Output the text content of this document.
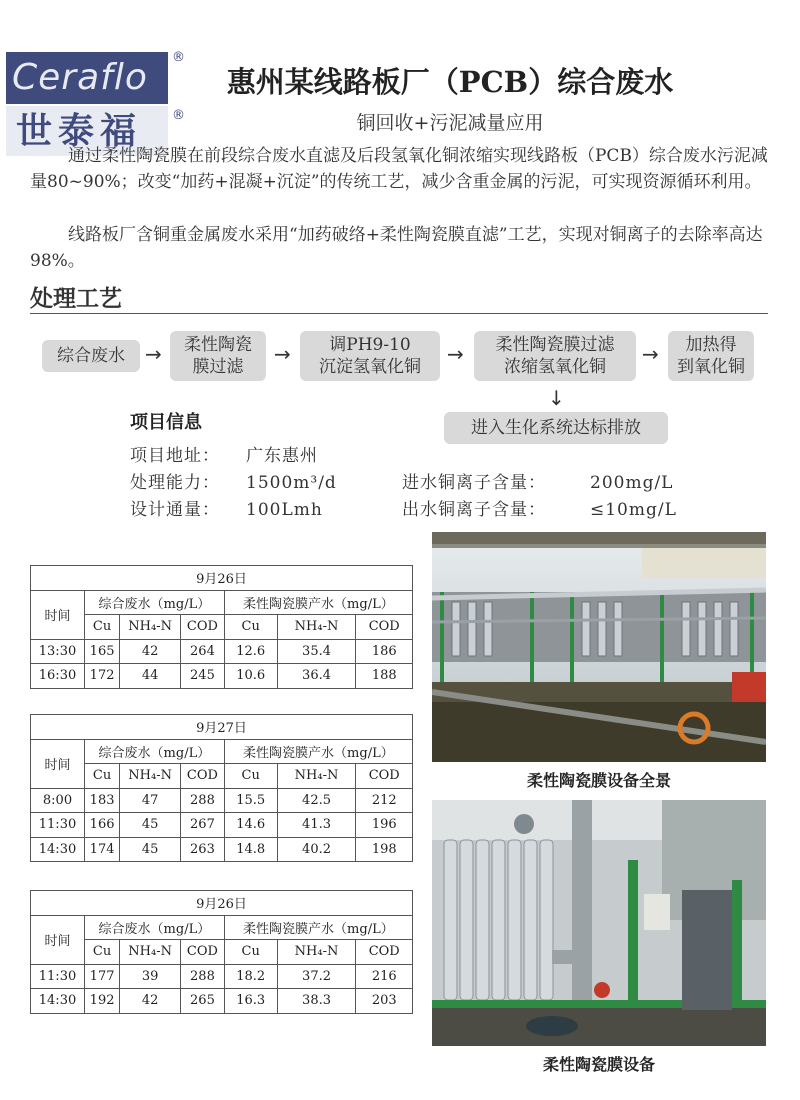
Ceraflo
世泰福
®
®
惠州某线路板厂（PCB）综合废水
铜回收+污泥减量应用

通过柔性陶瓷膜在前段综合废水直滤及后段氢氧化铜浓缩实现线路板（PCB）综合废水污泥减量80~90%；改变“加药+混凝+沉淀”的传统工艺，减少含重金属的污泥，可实现资源循环利用。

线路板厂含铜重金属废水采用“加药破络+柔性陶瓷膜直滤”工艺，实现对铜离子的去除率高达98%。

处理工艺
综合废水
柔性陶瓷
膜过滤
调PH9-10
沉淀氢氧化铜
柔性陶瓷膜过滤
浓缩氢氧化铜
加热得
到氧化铜
进入生化系统达标排放
→	→	→	→
↓
项目信息
项目地址： 广东惠州
处理能力： 1500m³/d
设计通量： 100Lmh
进水铜离子含量：	200mg/L
出水铜离子含量：	≤10mg/L
9月26日						
时间	综合废水（mg/L）			柔性陶瓷膜产水（mg/L）		
	Cu	NH₄-N	COD	Cu	NH₄-N	COD
13:30	165	42	264	12.6	35.4	186
16:30	172	44	245	10.6	36.4	188
9月27日						
时间	综合废水（mg/L）			柔性陶瓷膜产水（mg/L）		
	Cu	NH₄-N	COD	Cu	NH₄-N	COD
8:00	183	47	288	15.5	42.5	212
11:30	166	45	267	14.6	41.3	196
14:30	174	45	263	14.8	40.2	198
9月26日						
时间	综合废水（mg/L）			柔性陶瓷膜产水（mg/L）		
	Cu	NH₄-N	COD	Cu	NH₄-N	COD
11:30	177	39	288	18.2	37.2	216
14:30	192	42	265	16.3	38.3	203
柔性陶瓷膜设备全景
柔性陶瓷膜设备
